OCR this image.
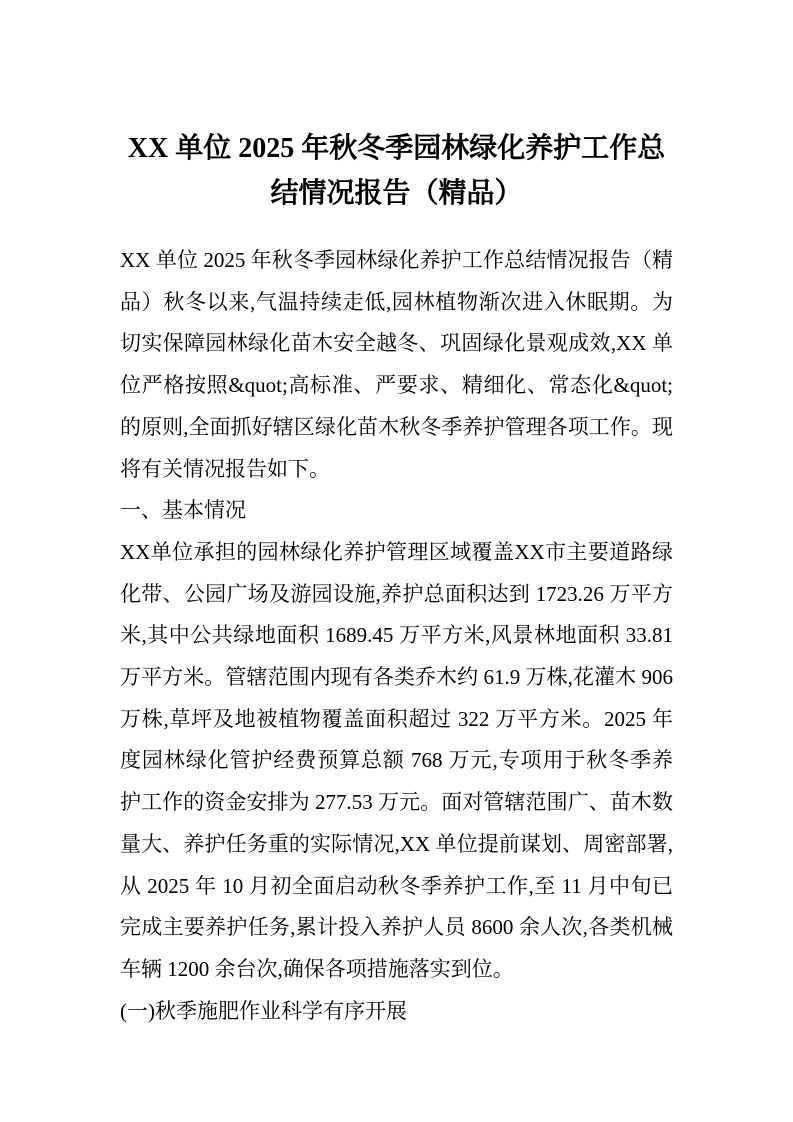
XX 单位 2025 年秋冬季园林绿化养护工作总
结情况报告（精品）
XX 单位 2025 年秋冬季园林绿化养护工作总结情况报告（精
品）秋冬以来,气温持续走低,园林植物渐次进入休眠期。为
切实保障园林绿化苗木安全越冬、巩固绿化景观成效,XX 单
位严格按照&quot;高标准、严要求、精细化、常态化&quot;
的原则,全面抓好辖区绿化苗木秋冬季养护管理各项工作。现
将有关情况报告如下。
一、基本情况
XX单位承担的园林绿化养护管理区域覆盖XX市主要道路绿
化带、公园广场及游园设施,养护总面积达到 1723.26 万平方
米,其中公共绿地面积 1689.45 万平方米,风景林地面积 33.81
万平方米。管辖范围内现有各类乔木约 61.9 万株,花灌木 906
万株,草坪及地被植物覆盖面积超过 322 万平方米。2025 年
度园林绿化管护经费预算总额 768 万元,专项用于秋冬季养
护工作的资金安排为 277.53 万元。面对管辖范围广、苗木数
量大、养护任务重的实际情况,XX 单位提前谋划、周密部署,
从 2025 年 10 月初全面启动秋冬季养护工作,至 11 月中旬已
完成主要养护任务,累计投入养护人员 8600 余人次,各类机械
车辆 1200 余台次,确保各项措施落实到位。
(一)秋季施肥作业科学有序开展
